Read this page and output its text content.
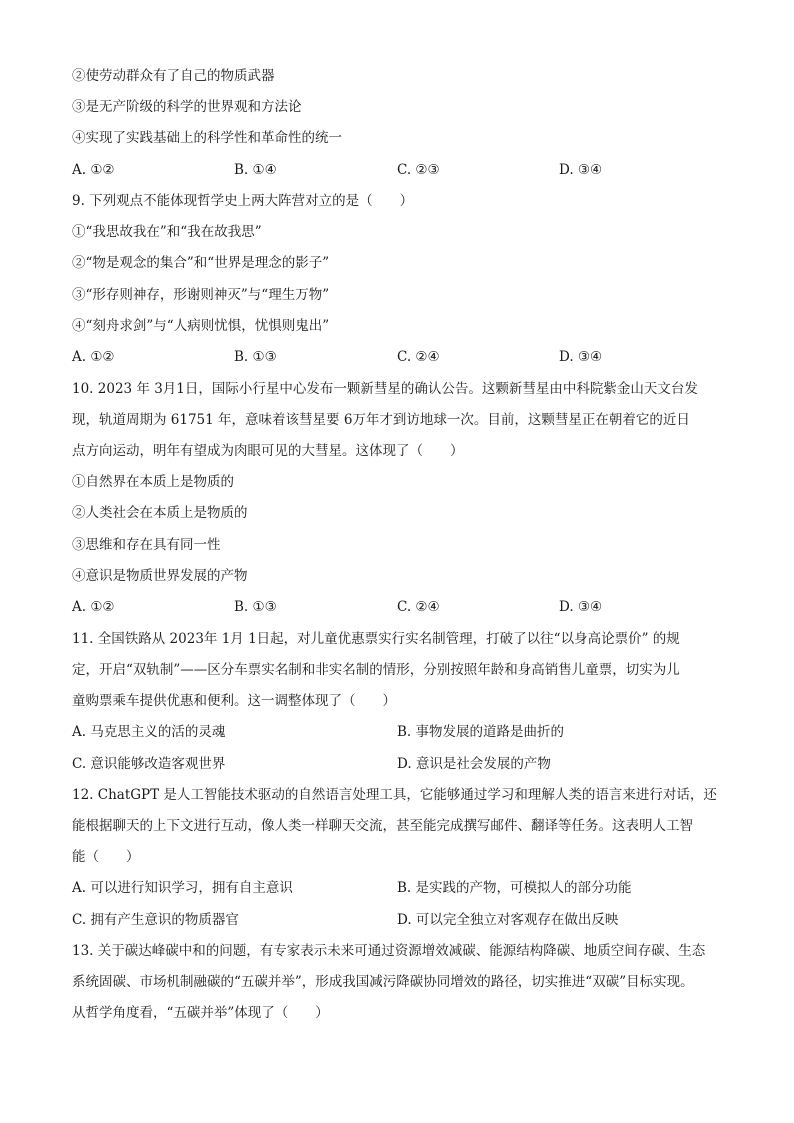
②使劳动群众有了自己的物质武器
③是无产阶级的科学的世界观和方法论
④实现了实践基础上的科学性和革命性的统一
A. ①②	B. ①④	C. ②③	D. ③④
9. 下列观点不能体现哲学史上两大阵营对立的是（　　）
①“我思故我在”和“我在故我思”
②“物是观念的集合”和“世界是理念的影子”
③“形存则神存，形谢则神灭”与“理生万物”
④“刻舟求剑”与“人病则忧惧，忧惧则鬼出”
A. ①②	B. ①③	C. ②④	D. ③④
10. 2023 年 3月1日，国际小行星中心发布一颗新彗星的确认公告。这颗新彗星由中科院紫金山天文台发
现，轨道周期为 61751 年，意味着该彗星要 6万年才到访地球一次。目前，这颗彗星正在朝着它的近日
点方向运动，明年有望成为肉眼可见的大彗星。这体现了（　　）
①自然界在本质上是物质的
②人类社会在本质上是物质的
③思维和存在具有同一性
④意识是物质世界发展的产物
A. ①②	B. ①③	C. ②④	D. ③④
11. 全国铁路从 2023年 1月 1日起，对儿童优惠票实行实名制管理，打破了以往“以身高论票价” 的规
定，开启“双轨制”——区分车票实名制和非实名制的情形，分别按照年龄和身高销售儿童票，切实为儿
童购票乘车提供优惠和便利。这一调整体现了（　　）
A. 马克思主义的活的灵魂	B. 事物发展的道路是曲折的
C. 意识能够改造客观世界	D. 意识是社会发展的产物
12. ChatGPT 是人工智能技术驱动的自然语言处理工具，它能够通过学习和理解人类的语言来进行对话，还
能根据聊天的上下文进行互动，像人类一样聊天交流，甚至能完成撰写邮件、翻译等任务。这表明人工智
能（　　）
A. 可以进行知识学习，拥有自主意识	B. 是实践的产物，可模拟人的部分功能
C. 拥有产生意识的物质器官	D. 可以完全独立对客观存在做出反映
13. 关于碳达峰碳中和的问题，有专家表示未来可通过资源增效减碳、能源结构降碳、地质空间存碳、生态
系统固碳、市场机制融碳的“五碳并举”，形成我国减污降碳协同增效的路径，切实推进“双碳”目标实现。
从哲学角度看，“五碳并举”体现了（　　）
